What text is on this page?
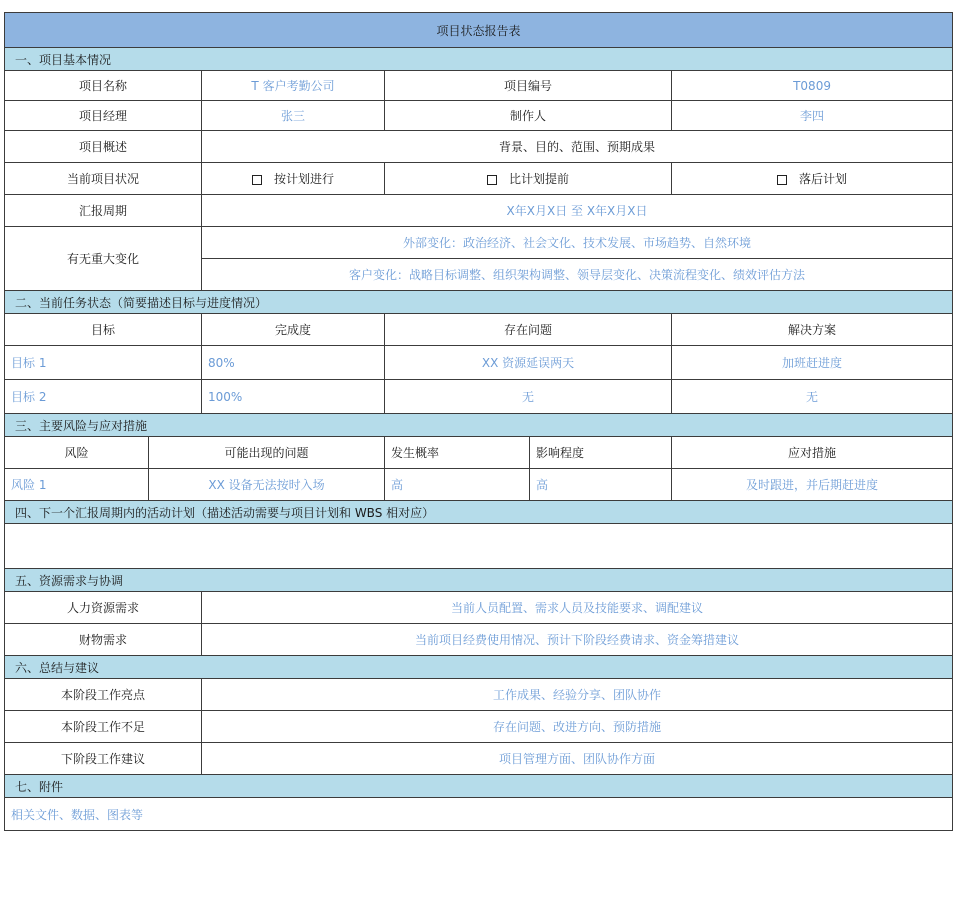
项目状态报告表					
一、项目基本情况					
项目名称		T 客户考勤公司	项目编号		T0809
项目经理		张三	制作人		李四
项目概述		背景、目的、范围、预期成果			
当前项目状况		按计划进行	比计划提前		落后计划
汇报周期		X年X月X日 至 X年X月X日			
有无重大变化		外部变化：政治经济、社会文化、技术发展、市场趋势、自然环境			
		客户变化：战略目标调整、组织架构调整、领导层变化、决策流程变化、绩效评估方法			
二、当前任务状态（简要描述目标与进度情况）					
目标		完成度	存在问题		解决方案
目标 1		80%	XX 资源延误两天		加班赶进度
目标 2		100%	无		无
三、主要风险与应对措施					
风险	可能出现的问题		发生概率	影响程度	应对措施
风险 1	XX 设备无法按时入场		高	高	及时跟进，并后期赶进度
四、下一个汇报周期内的活动计划（描述活动需要与项目计划和 WBS 相对应）					

五、资源需求与协调					
人力资源需求		当前人员配置、需求人员及技能要求、调配建议			
财物需求		当前项目经费使用情况、预计下阶段经费请求、资金筹措建议			
六、总结与建议					
本阶段工作亮点		工作成果、经验分享、团队协作			
本阶段工作不足		存在问题、改进方向、预防措施			
下阶段工作建议		项目管理方面、团队协作方面			
七、附件					
相关文件、数据、图表等					
